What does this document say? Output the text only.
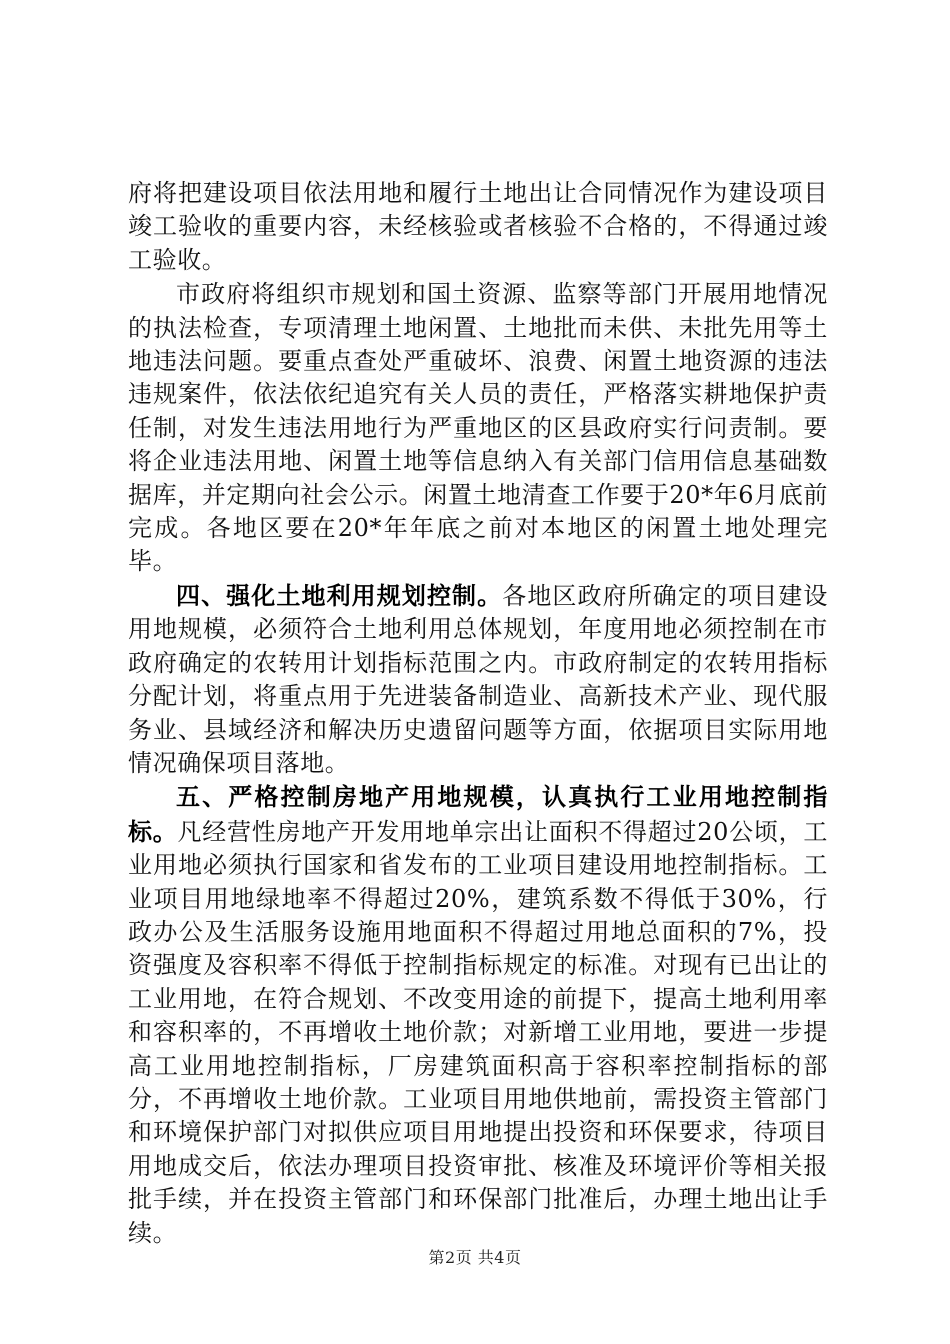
府将把建设项目依法用地和履行土地出让合同情况作为建设项目竣工验收的重要内容，未经核验或者核验不合格的，不得通过竣工验收。

市政府将组织市规划和国土资源、监察等部门开展用地情况的执法检查，专项清理土地闲置、土地批而未供、未批先用等土地违法问题。要重点查处严重破坏、浪费、闲置土地资源的违法违规案件，依法依纪追究有关人员的责任，严格落实耕地保护责任制，对发生违法用地行为严重地区的区县政府实行问责制。要将企业违法用地、闲置土地等信息纳入有关部门信用信息基础数据库，并定期向社会公示。闲置土地清查工作要于20*年6月底前完成。各地区要在20*年年底之前对本地区的闲置土地处理完毕。

四、强化土地利用规划控制。各地区政府所确定的项目建设用地规模，必须符合土地利用总体规划，年度用地必须控制在市政府确定的农转用计划指标范围之内。市政府制定的农转用指标分配计划，将重点用于先进装备制造业、高新技术产业、现代服务业、县域经济和解决历史遗留问题等方面，依据项目实际用地情况确保项目落地。

五、严格控制房地产用地规模，认真执行工业用地控制指标。凡经营性房地产开发用地单宗出让面积不得超过20公顷，工业用地必须执行国家和省发布的工业项目建设用地控制指标。工业项目用地绿地率不得超过20%，建筑系数不得低于30%，行政办公及生活服务设施用地面积不得超过用地总面积的7%，投资强度及容积率不得低于控制指标规定的标准。对现有已出让的工业用地，在符合规划、不改变用途的前提下，提高土地利用率和容积率的，不再增收土地价款；对新增工业用地，要进一步提高工业用地控制指标，厂房建筑面积高于容积率控制指标的部分，不再增收土地价款。工业项目用地供地前，需投资主管部门和环境保护部门对拟供应项目用地提出投资和环保要求，待项目用地成交后，依法办理项目投资审批、核准及环境评价等相关报批手续，并在投资主管部门和环保部门批准后，办理土地出让手续。

第2页 共4页
